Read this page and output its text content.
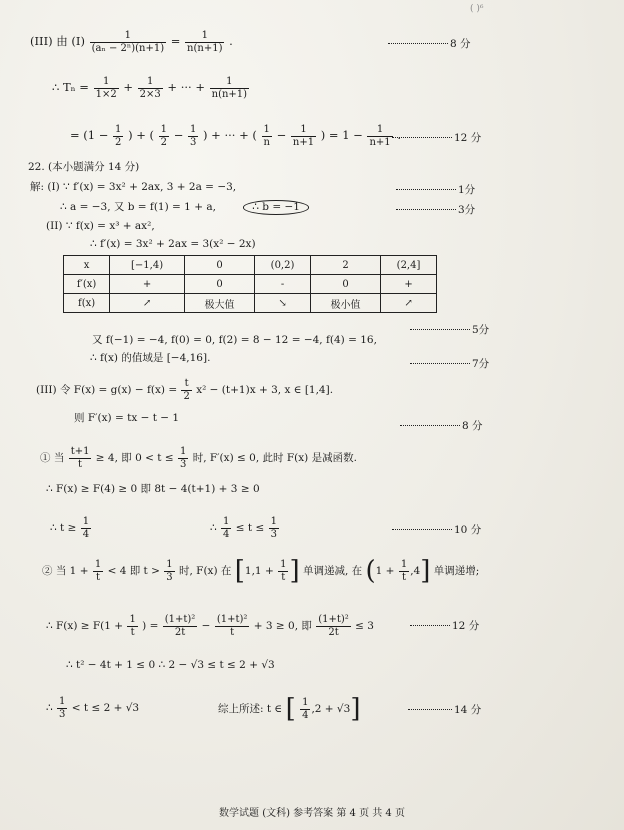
( )⁶
(III) 由 $(I) \frac{1}{\text{(aₙ − 2ⁿ)(n+1)}} = \frac{1}{n(n+1)}$ .	8 分
∴ $T_n = \frac{1}{1\times 2} + \frac{1}{2\times 3}$ + ··· + $\frac{1}{n(n+1)}$
= ($1 - \frac{1}{2}$ ) + ( $\frac{1}{2} - \frac{1}{3}$ ) + ··· + ( $\frac{1}{n} - \frac{1}{n+1}$ ) = $1 - \frac{1}{n+1}$ .	12 分
22. (本小题满分 14 分)
解: (I) ∵ f′(x) = 3x² + 2ax, 3 + 2a = −3,	1分
∴ a = −3, 又 b = f(1) = 1 + a,	∴ b = −1	3分
(II) ∵ f(x) = x³ + ax²,
∴ f′(x) = 3x² + 2ax = 3(x² − 2x)
x	[−1,4)	0	(0,2)	2	(2,4]
f′(x)	+	0	-	0	+
f(x)	↗	极大值	↘	极小值	↗
5分
又 f(−1) = −4, f(0) = 0, f(2) = 8 − 12 = −4, f(4) = 16,
∴ f(x) 的值域是 [−4,16].	7分
(III) 令 $F(x) = g(x) - f(x) = \frac{t}{2} x^2 - (t+1)x + 3$, x ∈ [1,4].
则 F′(x) = tx − t − 1
8 分
① 当 $\frac{t+1}{t} \ge 4$, 即 $0 < t \le \frac{1}{3}$ 时, F′(x) ≤ 0, 此时 F(x) 是减函数.
∴ F(x) ≥ F(4) ≥ 0 即 8t − 4(t+1) + 3 ≥ 0
∴ $t \ge \frac{1}{4}$	∴ $\frac{1}{4} \le t \le \frac{1}{3}$	10 分
② 当 $1 + \frac{1}{t} < 4$ 即 $t > \frac{1}{3}$ 时, F(x) 在 [$1,1 + \frac{1}{t}$ ] 单调递减, 在 $(1 + \frac{1}{t} ,4]$ 单调递增;
∴ $F(x) \ge F(1 + \frac{1}{t}$ ) = $\frac{\text{(1+t)²}}{2t} - \frac{\text{(1+t)²}}{t} + 3 \ge 0$, 即 $\frac{\text{(1+t)²}}{2t} \le 3$	12 分
∴ t² − 4t + 1 ≤ 0 ∴ 2 − √3 ≤ t ≤ 2 + √3
∴ $\frac{1}{3} < t \le 2 + √3$	综上所述: t ∈ [ $\frac{1}{4} ,2 + √3$]	14 分
数学试题 (文科) 参考答案 第 4 页 共 4 页
